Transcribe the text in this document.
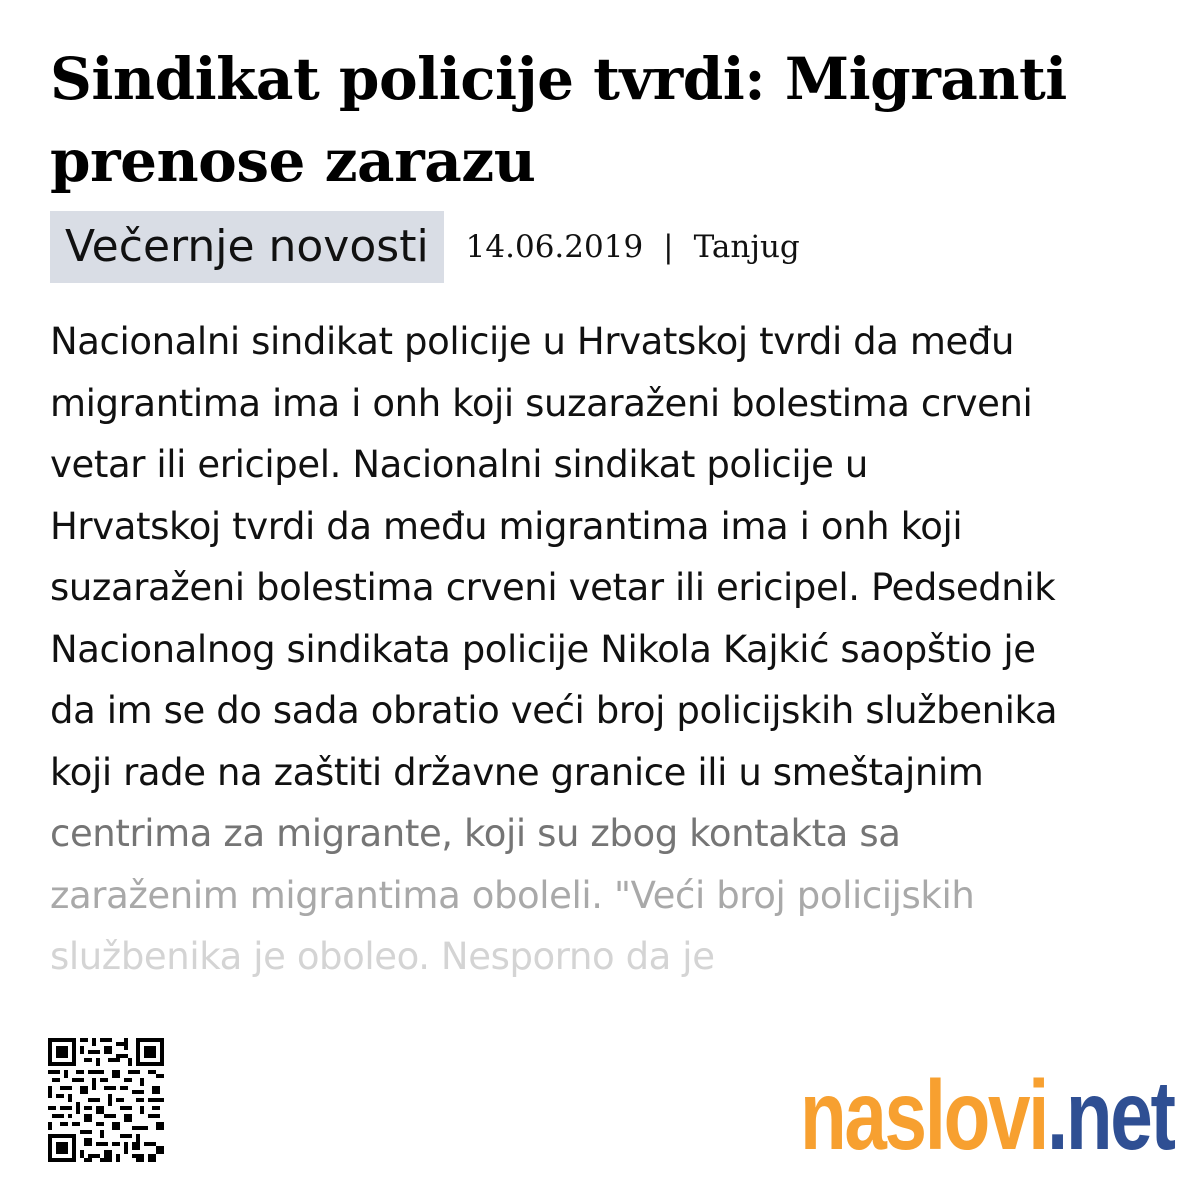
Sindikat policije tvrdi: Migranti prenose zarazu
Večernje novosti	14.06.2019 | Tanjug
Nacionalni sindikat policije u Hrvatskoj tvrdi da među
migrantima ima i onh koji suzaraženi bolestima crveni
vetar ili ericipel. Nacionalni sindikat policije u
Hrvatskoj tvrdi da među migrantima ima i onh koji
suzaraženi bolestima crveni vetar ili ericipel. Pedsednik
Nacionalnog sindikata policije Nikola Kajkić saopštio je
da im se do sada obratio veći broj policijskih službenika
koji rade na zaštiti državne granice ili u smeštajnim
centrima za migrante, koji su zbog kontakta sa
zaraženim migrantima oboleli. "Veći broj policijskih
službenika je oboleo. Nesporno da je
naslovi.net
